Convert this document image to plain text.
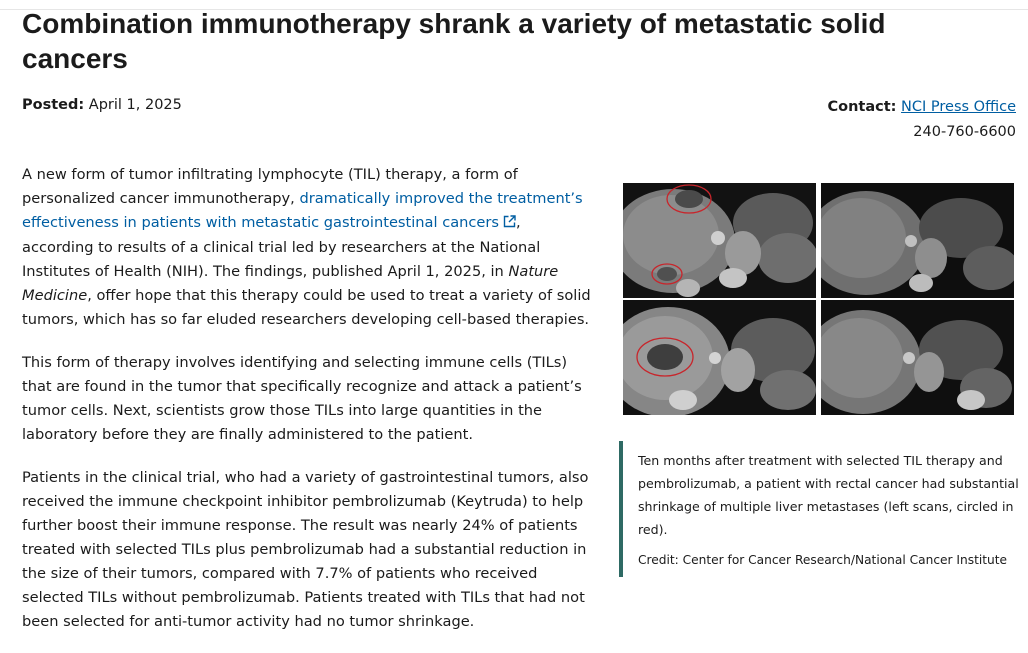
Combination immunotherapy shrank a variety of metastatic solid cancers
Posted: April 1, 2025	Contact: NCI Press Office
240-760-6600

A new form of tumor infiltrating lymphocyte (TIL) therapy, a form of personalized cancer immunotherapy, dramatically improved the treatment’s effectiveness in patients with metastatic gastrointestinal cancers , according to results of a clinical trial led by researchers at the National Institutes of Health (NIH). The findings, published April 1, 2025, in Nature Medicine, offer hope that this therapy could be used to treat a variety of solid tumors, which has so far eluded researchers developing cell-based therapies.

This form of therapy involves identifying and selecting immune cells (TILs) that are found in the tumor that specifically recognize and attack a patient’s tumor cells. Next, scientists grow those TILs into large quantities in the laboratory before they are finally administered to the patient.

Patients in the clinical trial, who had a variety of gastrointestinal tumors, also received the immune checkpoint inhibitor pembrolizumab (Keytruda) to help further boost their immune response. The result was nearly 24% of patients treated with selected TILs plus pembrolizumab had a substantial reduction in the size of their tumors, compared with 7.7% of patients who received selected TILs without pembrolizumab. Patients treated with TILs that had not been selected for anti-tumor activity had no tumor shrinkage.

Ten months after treatment with selected TIL therapy and pembrolizumab, a patient with rectal cancer had substantial shrinkage of multiple liver metastases (left scans, circled in red).

Credit: Center for Cancer Research/National Cancer Institute
